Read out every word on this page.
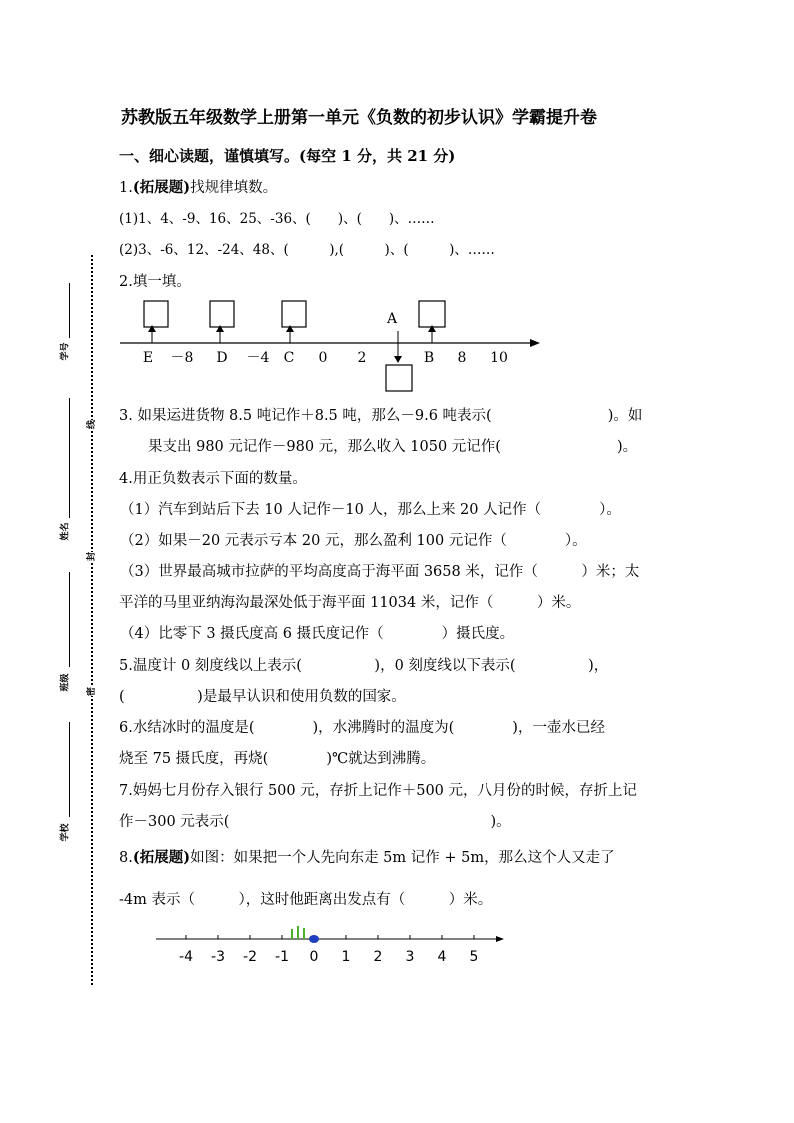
学号
姓名
班级
学校
线
封
密
苏教版五年级数学上册第一单元《负数的初步认识》学霸提升卷
一、细心读题，谨慎填写。(每空 1 分，共 21 分)
1.(拓展题)找规律填数。
(1)1、4、-9、16、25、-36、(　　)、(　　)、……
(2)3、-6、12、-24、48、(　　　),(　　　)、(　　　)、……
2.填一填。
A
E －8 D －4 C 0 2	B 8 10
3. 如果运进货物 8.5 吨记作＋8.5 吨，那么－9.6 吨表示(　　　　　　　　)。如
果支出 980 元记作－980 元，那么收入 1050 元记作(　　　　　　　　)。
4.用正负数表示下面的数量。
（1）汽车到站后下去 10 人记作－10 人，那么上来 20 人记作（　　　　）。
（2）如果－20 元表示亏本 20 元，那么盈利 100 元记作（　　　　）。
（3）世界最高城市拉萨的平均高度高于海平面 3658 米，记作（　　　）米；太
平洋的马里亚纳海沟最深处低于海平面 11034 米，记作（　　　）米。
（4）比零下 3 摄氏度高 6 摄氏度记作（　　　　）摄氏度。
5.温度计 0 刻度线以上表示(　　　　　)，0 刻度线以下表示(　　　　　)，
(　　　　　)是最早认识和使用负数的国家。
6.水结冰时的温度是(　　　　)，水沸腾时的温度为(　　　　)，一壶水已经
烧至 75 摄氏度，再烧(　　　　)℃就达到沸腾。
7.妈妈七月份存入银行 500 元，存折上记作＋500 元，八月份的时候，存折上记
作－300 元表示(　　　　　　　　　　　　　　　　　　)。
8.(拓展题)如图：如果把一个人先向东走 5m 记作 + 5m，那么这个人又走了
-4m 表示（　　　），这时他距离出发点有（　　　）米。
-4 -3 -2 -1 0 1 2 3 4 5
